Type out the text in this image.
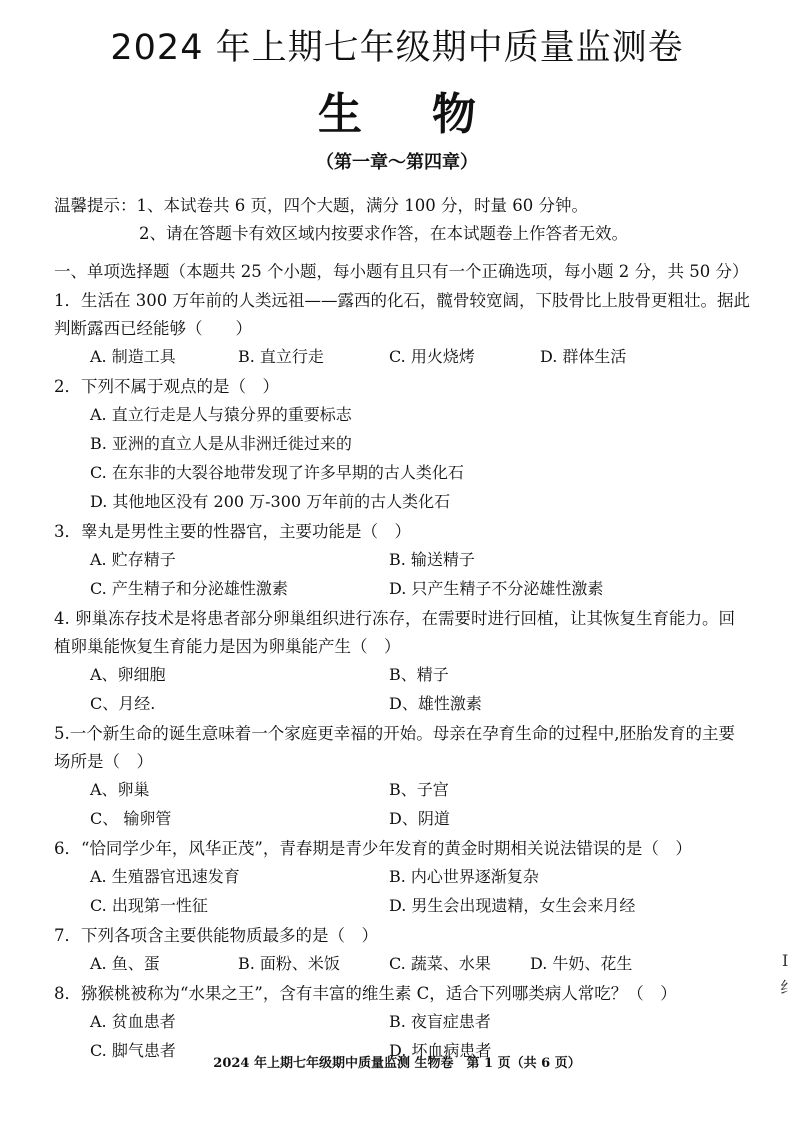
2024 年上期七年级期中质量监测卷
生物
（第一章～第四章）
温馨提示：1、本试卷共 6 页，四个大题，满分 100 分，时量 60 分钟。
2、请在答题卡有效区域内按要求作答，在本试题卷上作答者无效。
一、单项选择题（本题共 25 个小题，每小题有且只有一个正确选项，每小题 2 分，共 50 分）
1．生活在 300 万年前的人类远祖——露西的化石，髋骨较宽阔，下肢骨比上肢骨更粗壮。据此
判断露西已经能够（　　）
A. 制造工具	B. 直立行走	C. 用火烧烤	D. 群体生活
2．下列不属于观点的是（　）
A. 直立行走是人与猿分界的重要标志
B. 亚洲的直立人是从非洲迁徙过来的
C. 在东非的大裂谷地带发现了许多早期的古人类化石
D. 其他地区没有 200 万-300 万年前的古人类化石
3．睾丸是男性主要的性器官，主要功能是（　）
A. 贮存精子	B. 输送精子
C. 产生精子和分泌雄性激素	D. 只产生精子不分泌雄性激素
4. 卵巢冻存技术是将患者部分卵巢组织进行冻存，在需要时进行回植，让其恢复生育能力。回
植卵巢能恢复生育能力是因为卵巢能产生（　）
A、卵细胞	B、精子
C、月经.	D、雄性激素
5.一个新生命的诞生意味着一个家庭更幸福的开始。母亲在孕育生命的过程中,胚胎发育的主要
场所是（　）
A、卵巢	B、子宫
C、 输卵管	D、阴道
6．“恰同学少年，风华正茂”，青春期是青少年发育的黄金时期相关说法错误的是（　）
A. 生殖器官迅速发育	B. 内心世界逐渐复杂
C. 出现第一性征	D. 男生会出现遗精，女生会来月经
7．下列各项含主要供能物质最多的是（　）
A. 鱼、蛋	B. 面粉、米饭	C. 蔬菜、水果 D. 牛奶、花生
8．猕猴桃被称为“水果之王”，含有丰富的维生素 C，适合下列哪类病人常吃？（　）
A. 贫血患者	B. 夜盲症患者
C. 脚气患者	D. 坏血病患者
2024 年上期七年级期中质量监测 生物卷　第 1 页（共 6 页）
I
纟
